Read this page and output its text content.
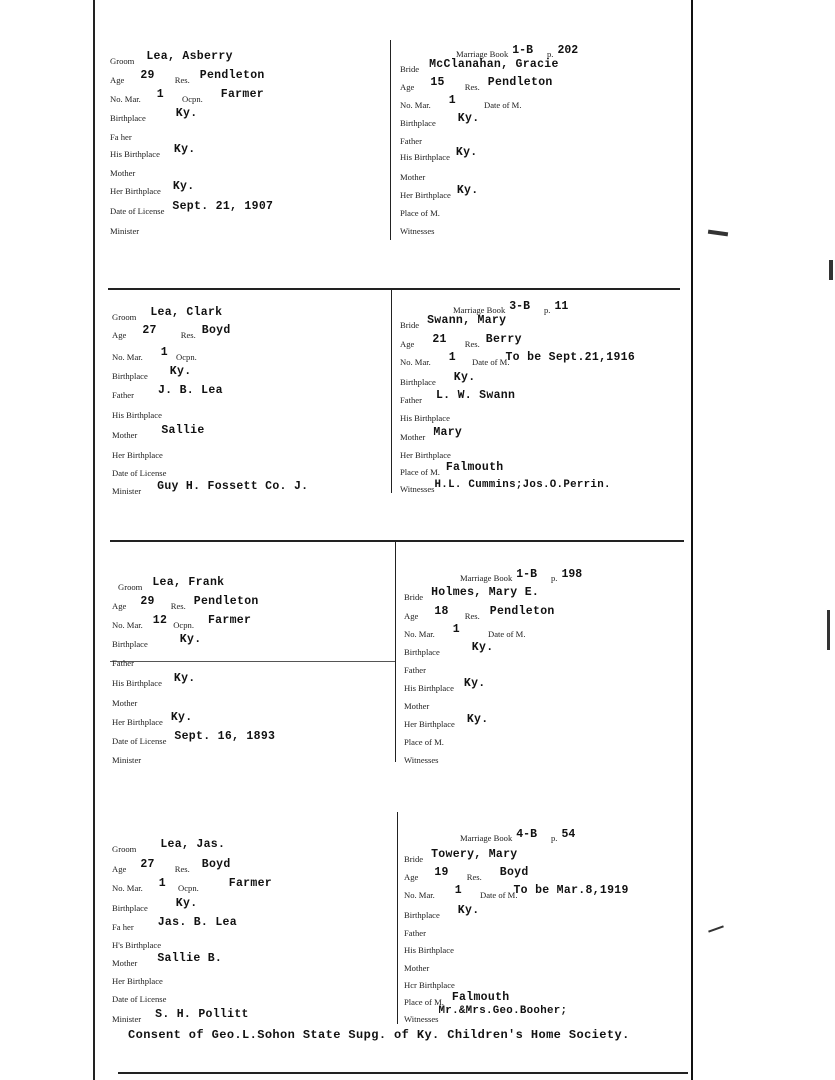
Groom Lea, Asberry
Age 29 Res. Pendleton
No. Mar. 1 Ocpn. Farmer
Birthplace	Ky.
Fa her
His Birthplace Ky.
Mother
Her Birthplace Ky.
Date of License Sept. 21, 1907
Minister
Marriage Book $^{1-B}$ p. $^{202}$
Bride McClanahan, Gracie
Age 15 Res. Pendleton
No. Mar. 1	Date of M.
Birthplace Ky.
Father
His Birthplace Ky.
Mother
Her Birthplace Ky.
Place of M.
Witnesses
Groom Lea, Clark
Age 27	Res. Boyd
No. Mar. 1 Ocpn.
Birthplace Ky.
Father J. B. Lea
His Birthplace
Mother Sallie
Her Birthplace
Date of License
Minister Guy H. Fossett Co. J.
Marriage Book $^{3-B}$ p. $^{11}$
Bride Swann, Mary
Age 21 Res. Berry
No. Mar. 1 Date of M.To be Sept.21,1916
Birthplace Ky.
Father L. W. Swann
His Birthplace
Mother Mary
Her Birthplace
Place of M. Falmouth
WitnessesH.L. Cummins;Jos.O.Perrin.
Groom Lea, Frank
Age 29 Res. Pendleton
No. Mar. 12 Ocpn. Farmer
Birthplace	Ky.
Father
His Birthplace Ky.
Mother
Her Birthplace Ky.
Date of License Sept. 16, 1893
Minister
Marriage Book $^{1-B}$ p. $^{198}$
Bride Holmes, Mary E.
Age 18 Res. Pendleton
No. Mar. 1	Date of M.
Birthplace	Ky.
Father
His Birthplace Ky.
Mother
Her Birthplace Ky.
Place of M.
Witnesses
Groom Lea, Jas.
Age 27 Res. Boyd
No. Mar. 1 Ocpn.	Farmer
Birthplace Ky.
Fa her Jas. B. Lea
H's Birthplace
Mother Sallie B.
Her Birthplace
Date of License
Minister S. H. Pollitt
Marriage Book $^{4-B}$ p. $^{54}$
Bride Towery, Mary
Age 19 Res. Boyd
No. Mar. 1 Date of M.To be Mar.8,1919
Birthplace Ky.
Father
His Birthplace
Mother
Hcr Birthplace
Place of M. Falmouth
Witnesses$^{Mr.\&Mrs.Geo.Booher;}$
Consent of Geo.L.Sohon State Supg. of Ky. Children's Home Society.
